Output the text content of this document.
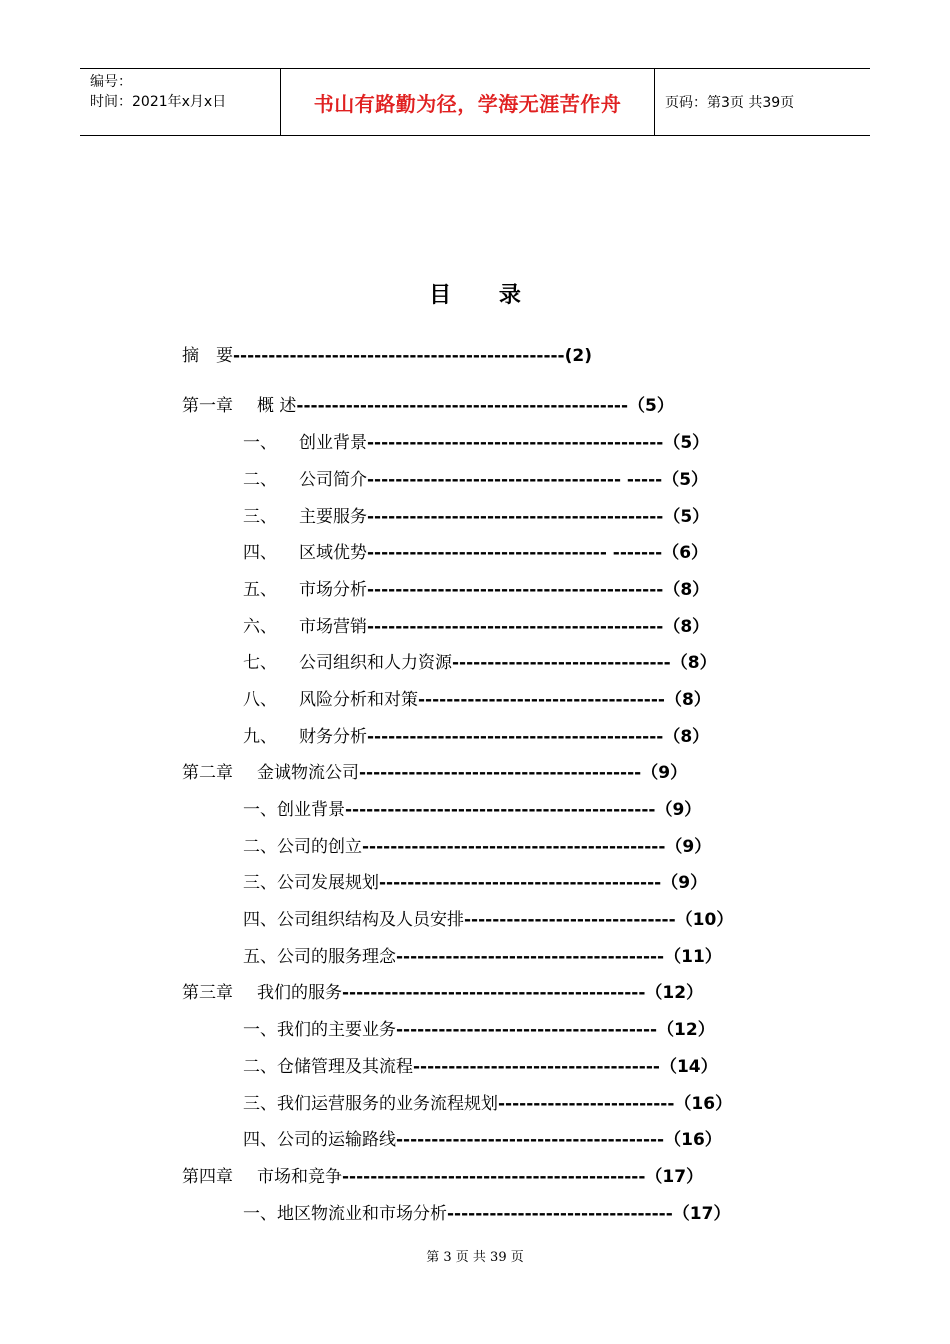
编号：
时间：2021年x月x日	书山有路勤为径，学海无涯苦作舟	页码：第3页 共39页
目 录
摘　要-----------------------------------------------(2)
第一章 概 述-----------------------------------------------（5）
一、 创业背景------------------------------------------（5）
二、 公司简介------------------------------------ -----（5）
三、 主要服务------------------------------------------（5）
四、 区域优势---------------------------------- -------（6）
五、 市场分析------------------------------------------（8）
六、 市场营销------------------------------------------（8）
七、 公司组织和人力资源-------------------------------（8）
八、 风险分析和对策-----------------------------------（8）
九、 财务分析------------------------------------------（8）
第二章 金诚物流公司----------------------------------------（9）
一、创业背景--------------------------------------------（9）
二、公司的创立-------------------------------------------（9）
三、公司发展规划----------------------------------------（9）
四、公司组织结构及人员安排------------------------------（10）
五、公司的服务理念--------------------------------------（11）
第三章 我们的服务-------------------------------------------（12）
一、我们的主要业务-------------------------------------（12）
二、仓储管理及其流程-----------------------------------（14）
三、我们运营服务的业务流程规划-------------------------（16）
四、公司的运输路线--------------------------------------（16）
第四章 市场和竞争-------------------------------------------（17）
一、地区物流业和市场分析--------------------------------（17）
第 3 页 共 39 页
